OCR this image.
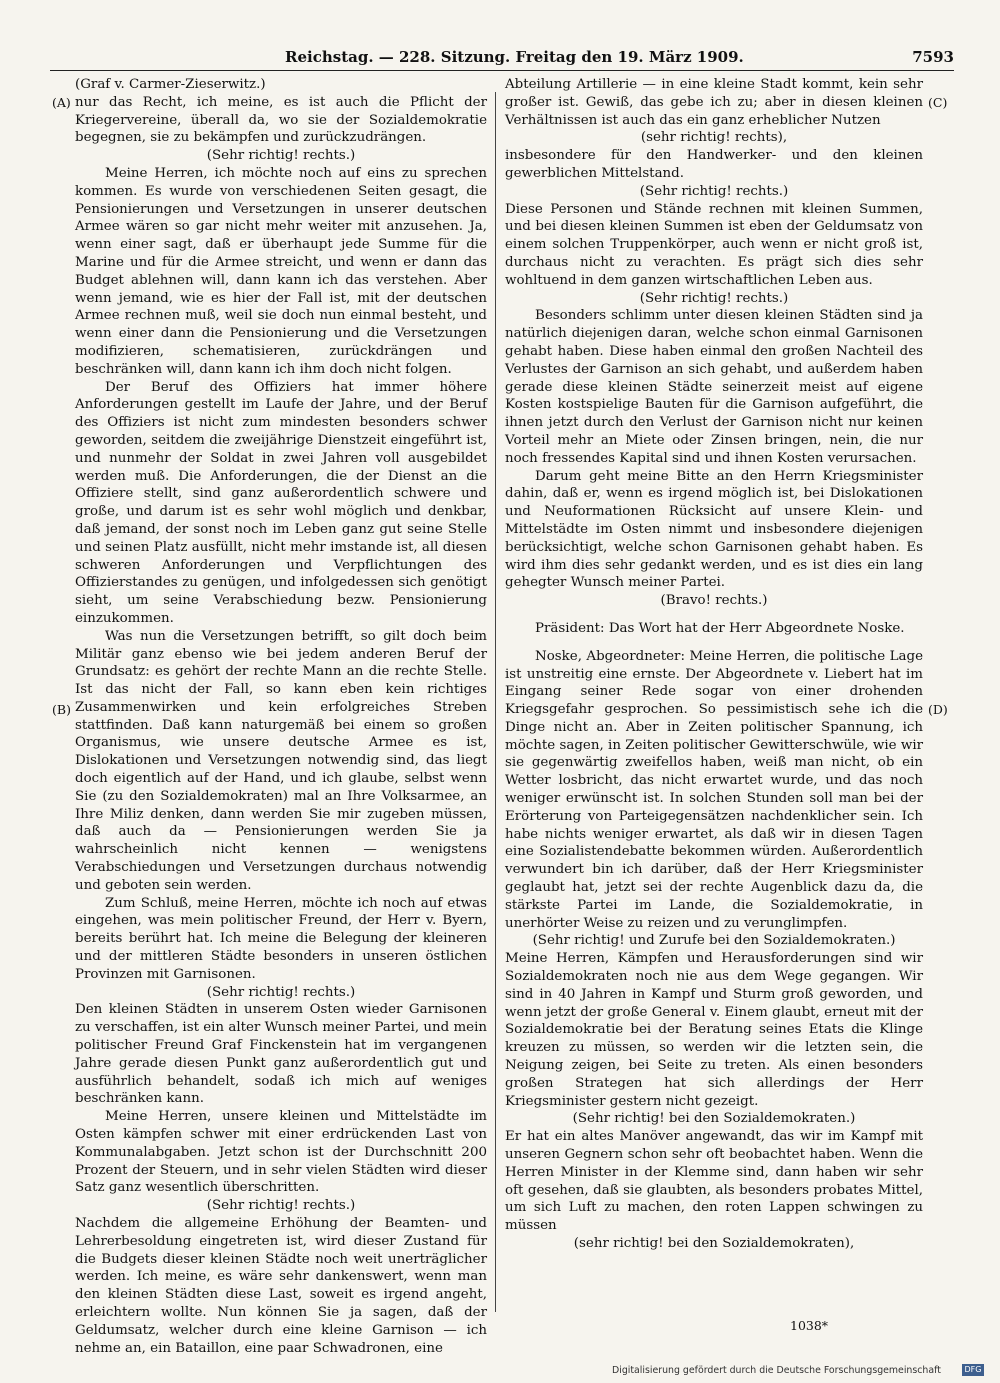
Reichstag. — 228. Sitzung. Freitag den 19. März 1909.	7593
(A)
(B)
(C)
(D)

(Graf v. Carmer-Zieserwitz.)

nur das Recht, ich meine, es ist auch die Pflicht der Kriegervereine, überall da, wo sie der Sozialdemokratie begegnen, sie zu bekämpfen und zurückzudrängen.

(Sehr richtig! rechts.)

Meine Herren, ich möchte noch auf eins zu sprechen kommen. Es wurde von verschiedenen Seiten gesagt, die Pensionierungen und Versetzungen in unserer deutschen Armee wären so gar nicht mehr weiter mit anzusehen. Ja, wenn einer sagt, daß er überhaupt jede Summe für die Marine und für die Armee streicht, und wenn er dann das Budget ablehnen will, dann kann ich das verstehen. Aber wenn jemand, wie es hier der Fall ist, mit der deutschen Armee rechnen muß, weil sie doch nun einmal besteht, und wenn einer dann die Pensionierung und die Versetzungen modifizieren, schematisieren, zurückdrängen und beschränken will, dann kann ich ihm doch nicht folgen.

Der Beruf des Offiziers hat immer höhere Anforderungen gestellt im Laufe der Jahre, und der Beruf des Offiziers ist nicht zum mindesten besonders schwer geworden, seitdem die zweijährige Dienstzeit eingeführt ist, und nunmehr der Soldat in zwei Jahren voll ausgebildet werden muß. Die Anforderungen, die der Dienst an die Offiziere stellt, sind ganz außerordentlich schwere und große, und darum ist es sehr wohl möglich und denkbar, daß jemand, der sonst noch im Leben ganz gut seine Stelle und seinen Platz ausfüllt, nicht mehr imstande ist, all diesen schweren Anforderungen und Verpflichtungen des Offizierstandes zu genügen, und infolgedessen sich genötigt sieht, um seine Verabschiedung bezw. Pensionierung einzukommen.

Was nun die Versetzungen betrifft, so gilt doch beim Militär ganz ebenso wie bei jedem anderen Beruf der Grundsatz: es gehört der rechte Mann an die rechte Stelle. Ist das nicht der Fall, so kann eben kein richtiges Zusammenwirken und kein erfolgreiches Streben stattfinden. Daß kann naturgemäß bei einem so großen Organismus, wie unsere deutsche Armee es ist, Dislokationen und Versetzungen notwendig sind, das liegt doch eigentlich auf der Hand, und ich glaube, selbst wenn Sie (zu den Sozialdemokraten) mal an Ihre Volksarmee, an Ihre Miliz denken, dann werden Sie mir zugeben müssen, daß auch da — Pensionierungen werden Sie ja wahrscheinlich nicht kennen — wenigstens Verabschiedungen und Versetzungen durchaus notwendig und geboten sein werden.

Zum Schluß, meine Herren, möchte ich noch auf etwas eingehen, was mein politischer Freund, der Herr v. Byern, bereits berührt hat. Ich meine die Belegung der kleineren und der mittleren Städte besonders in unseren östlichen Provinzen mit Garnisonen.

(Sehr richtig! rechts.)

Den kleinen Städten in unserem Osten wieder Garnisonen zu verschaffen, ist ein alter Wunsch meiner Partei, und mein politischer Freund Graf Finckenstein hat im vergangenen Jahre gerade diesen Punkt ganz außerordentlich gut und ausführlich behandelt, sodaß ich mich auf weniges beschränken kann.

Meine Herren, unsere kleinen und Mittelstädte im Osten kämpfen schwer mit einer erdrückenden Last von Kommunalabgaben. Jetzt schon ist der Durchschnitt 200 Prozent der Steuern, und in sehr vielen Städten wird dieser Satz ganz wesentlich überschritten.

(Sehr richtig! rechts.)

Nachdem die allgemeine Erhöhung der Beamten- und Lehrerbesoldung eingetreten ist, wird dieser Zustand für die Budgets dieser kleinen Städte noch weit unerträglicher werden. Ich meine, es wäre sehr dankenswert, wenn man den kleinen Städten diese Last, soweit es irgend angeht, erleichtern wollte. Nun können Sie ja sagen, daß der Geldumsatz, welcher durch eine kleine Garnison — ich nehme an, ein Bataillon, eine paar Schwadronen, eine

Abteilung Artillerie — in eine kleine Stadt kommt, kein sehr großer ist. Gewiß, das gebe ich zu; aber in diesen kleinen Verhältnissen ist auch das ein ganz erheblicher Nutzen

(sehr richtig! rechts),

insbesondere für den Handwerker- und den kleinen gewerblichen Mittelstand.

(Sehr richtig! rechts.)

Diese Personen und Stände rechnen mit kleinen Summen, und bei diesen kleinen Summen ist eben der Geldumsatz von einem solchen Truppenkörper, auch wenn er nicht groß ist, durchaus nicht zu verachten. Es prägt sich dies sehr wohltuend in dem ganzen wirtschaftlichen Leben aus.

(Sehr richtig! rechts.)

Besonders schlimm unter diesen kleinen Städten sind ja natürlich diejenigen daran, welche schon einmal Garnisonen gehabt haben. Diese haben einmal den großen Nachteil des Verlustes der Garnison an sich gehabt, und außerdem haben gerade diese kleinen Städte seinerzeit meist auf eigene Kosten kostspielige Bauten für die Garnison aufgeführt, die ihnen jetzt durch den Verlust der Garnison nicht nur keinen Vorteil mehr an Miete oder Zinsen bringen, nein, die nur noch fressendes Kapital sind und ihnen Kosten verursachen.

Darum geht meine Bitte an den Herrn Kriegsminister dahin, daß er, wenn es irgend möglich ist, bei Dislokationen und Neuformationen Rücksicht auf unsere Klein- und Mittelstädte im Osten nimmt und insbesondere diejenigen berücksichtigt, welche schon Garnisonen gehabt haben. Es wird ihm dies sehr gedankt werden, und es ist dies ein lang gehegter Wunsch meiner Partei.

(Bravo! rechts.)

Präsident: Das Wort hat der Herr Abgeordnete Noske.

Noske, Abgeordneter: Meine Herren, die politische Lage ist unstreitig eine ernste. Der Abgeordnete v. Liebert hat im Eingang seiner Rede sogar von einer drohenden Kriegsgefahr gesprochen. So pessimistisch sehe ich die Dinge nicht an. Aber in Zeiten politischer Spannung, ich möchte sagen, in Zeiten politischer Gewitterschwüle, wie wir sie gegenwärtig zweifellos haben, weiß man nicht, ob ein Wetter losbricht, das nicht erwartet wurde, und das noch weniger erwünscht ist. In solchen Stunden soll man bei der Erörterung von Parteigegensätzen nachdenklicher sein. Ich habe nichts weniger erwartet, als daß wir in diesen Tagen eine Sozialistendebatte bekommen würden. Außerordentlich verwundert bin ich darüber, daß der Herr Kriegsminister geglaubt hat, jetzt sei der rechte Augenblick dazu da, die stärkste Partei im Lande, die Sozialdemokratie, in unerhörter Weise zu reizen und zu verunglimpfen.

(Sehr richtig! und Zurufe bei den Sozialdemokraten.)

Meine Herren, Kämpfen und Herausforderungen sind wir Sozialdemokraten noch nie aus dem Wege gegangen. Wir sind in 40 Jahren in Kampf und Sturm groß geworden, und wenn jetzt der große General v. Einem glaubt, erneut mit der Sozialdemokratie bei der Beratung seines Etats die Klinge kreuzen zu müssen, so werden wir die letzten sein, die Neigung zeigen, bei Seite zu treten. Als einen besonders großen Strategen hat sich allerdings der Herr Kriegsminister gestern nicht gezeigt.

(Sehr richtig! bei den Sozialdemokraten.)

Er hat ein altes Manöver angewandt, das wir im Kampf mit unseren Gegnern schon sehr oft beobachtet haben. Wenn die Herren Minister in der Klemme sind, dann haben wir sehr oft gesehen, daß sie glaubten, als besonders probates Mittel, um sich Luft zu machen, den roten Lappen schwingen zu müssen

(sehr richtig! bei den Sozialdemokraten),

1038*
Digitalisierung gefördert durch die Deutsche Forschungsgemeinschaft	DFG
